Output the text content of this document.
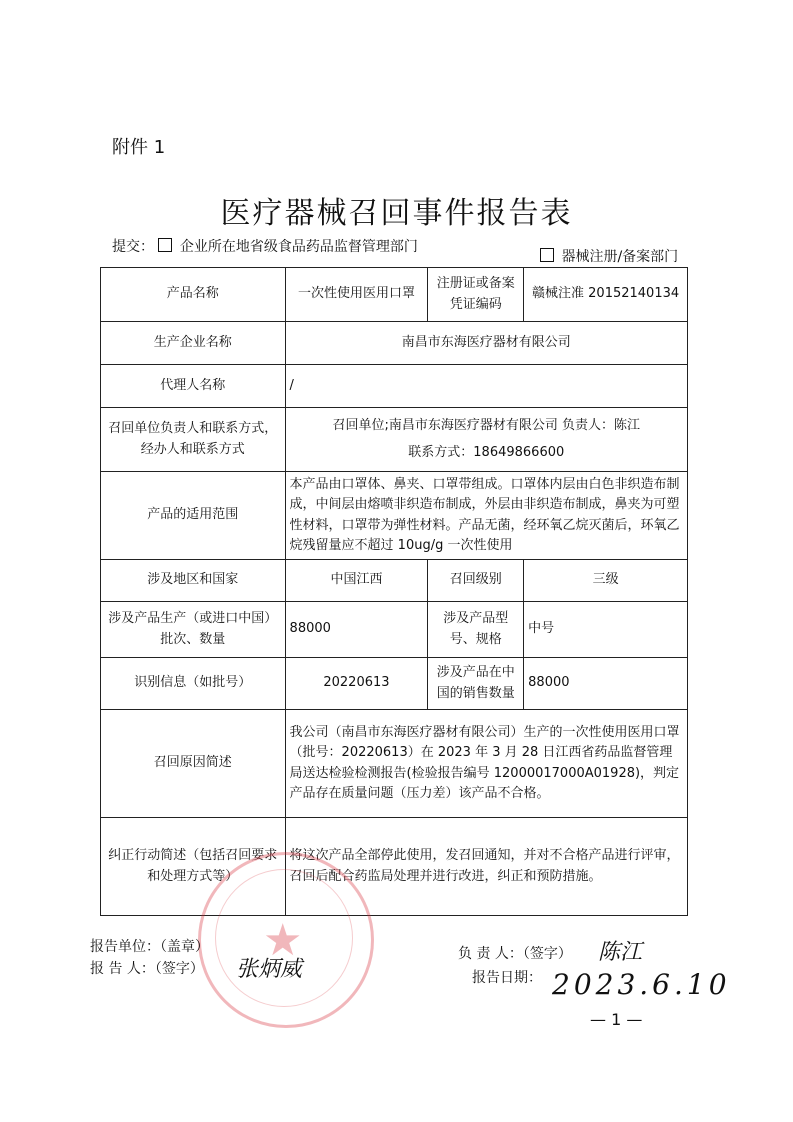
附件 1
医疗器械召回事件报告表
提交： 企业所在地省级食品药品监督管理部门
器械注册/备案部门
产品名称	一次性使用医用口罩	注册证或备案凭证编码	赣械注准 20152140134
生产企业名称	南昌市东海医疗器材有限公司		
代理人名称	/		
召回单位负责人和联系方式，经办人和联系方式	召回单位;南昌市东海医疗器材有限公司 负责人：陈江
联系方式：18649866600		

产品的适用范围	本产品由口罩体、鼻夹、口罩带组成。口罩体内层由白色非织造布制成，中间层由熔喷非织造布制成，外层由非织造布制成，鼻夹为可塑性材料，口罩带为弹性材料。产品无菌，经环氧乙烷灭菌后，环氧乙烷残留量应不超过 10ug/g 一次性使用		
涉及地区和国家	中国江西	召回级别	三级
涉及产品生产（或进口中国）批次、数量	88000	涉及产品型号、规格	中号
识别信息（如批号）	20220613	涉及产品在中国的销售数量	88000
召回原因简述	我公司（南昌市东海医疗器材有限公司）生产的一次性使用医用口罩（批号：20220613）在 2023 年 3 月 28 日江西省药品监督管理局送达检验检测报告(检验报告编号 12000017000A01928)，判定产品存在质量问题（压力差）该产品不合格。		
纠正行动简述（包括召回要求和处理方式等）	将这次产品全部停此使用，发召回通知，并对不合格产品进行评审，召回后配合药监局处理并进行改进，纠正和预防措施。		
★
报告单位：（盖章）
报 告 人：（签字） 张炳威
负 责 人：（签字） 陈江
报告日期： 2023.6.10
— 1 —
